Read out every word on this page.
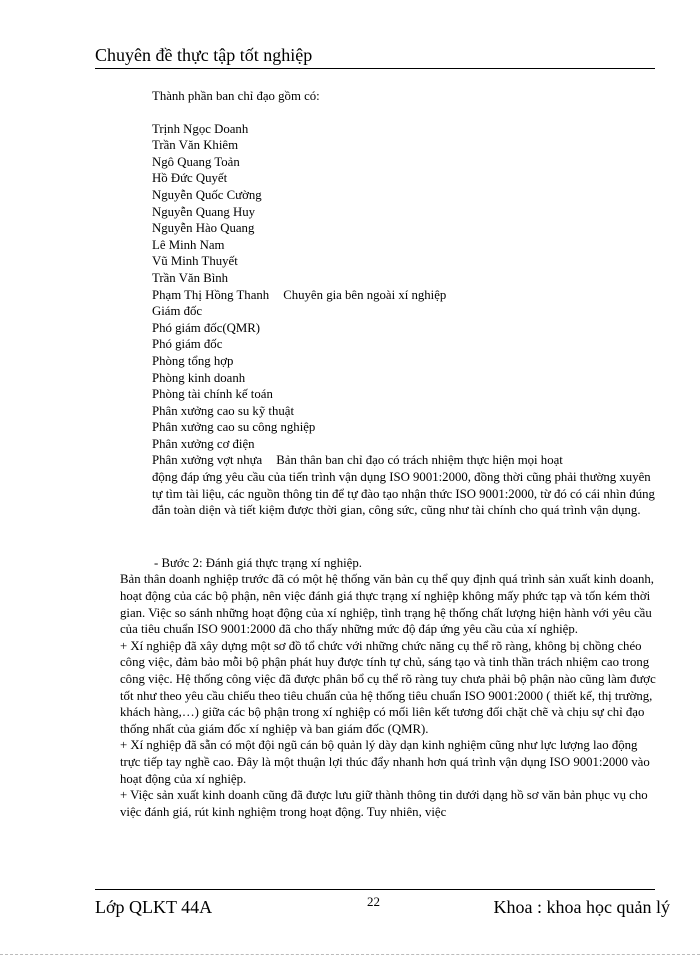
Chuyên đề thực tập tốt nghiệp
Thành phần ban chỉ đạo gồm có:
Trịnh Ngọc Doanh
Trần Văn Khiêm
Ngô Quang Toản
Hồ Đức Quyết
Nguyễn Quốc Cường
Nguyễn Quang Huy
Nguyễn Hào Quang
Lê Minh Nam
Vũ Minh Thuyết
Trần Văn Bình
Phạm Thị Hồng Thanh Chuyên gia bên ngoài xí nghiệp
Giám đốc
Phó giám đốc(QMR)
Phó giám đốc
Phòng tổng hợp
Phòng kinh doanh
Phòng tài chính kế toán
Phân xưởng cao su kỹ thuật
Phân xưởng cao su công nghiệp
Phân xưởng cơ điện
Phân xưởng vợt nhựa Bản thân ban chỉ đạo có trách nhiệm thực hiện mọi hoạt
động đáp ứng yêu cầu của tiến trình vận dụng ISO 9001:2000, đồng thời cũng phải thường xuyên tự tìm tài liệu, các nguồn thông tin để tự đào tạo nhận thức ISO 9001:2000, từ đó có cái nhìn đúng đắn toàn diện và tiết kiệm được thời gian, công sức, cũng như tài chính cho quá trình vận dụng.
- Bước 2: Đánh giá thực trạng xí nghiệp.
Bản thân doanh nghiệp trước đã có một hệ thống văn bản cụ thể quy định quá trình sản xuất kinh doanh, hoạt động của các bộ phận, nên việc đánh giá thực trạng xí nghiệp không mấy phức tạp và tốn kém thời gian. Việc so sánh những hoạt động của xí nghiệp, tình trạng hệ thống chất lượng hiện hành với yêu cầu của tiêu chuẩn ISO 9001:2000 đã cho thấy những mức độ đáp ứng yêu cầu của xí nghiệp.
+ Xí nghiệp đã xây dựng một sơ đồ tổ chức với những chức năng cụ thể rõ ràng, không bị chồng chéo công việc, đảm bảo mỗi bộ phận phát huy được tính tự chủ, sáng tạo và tinh thần trách nhiệm cao trong công việc. Hệ thống công việc đã được phân bổ cụ thể rõ ràng tuy chưa phải bộ phận nào cũng làm được tốt như theo yêu cầu chiếu theo tiêu chuẩn của hệ thống tiêu chuẩn ISO 9001:2000 ( thiết kế, thị trường, khách hàng,…) giữa các bộ phận trong xí nghiệp có mối liên kết tương đối chặt chẽ và chịu sự chỉ đạo thống nhất của giám đốc xí nghiệp và ban giám đốc (QMR).
+ Xí nghiệp đã sẵn có một đội ngũ cán bộ quản lý dày dạn kinh nghiệm cũng như lực lượng lao động trực tiếp tay nghề cao. Đây là một thuận lợi thúc đẩy nhanh hơn quá trình vận dụng ISO 9001:2000 vào hoạt động của xí nghiệp.
+ Việc sản xuất kinh doanh cũng đã được lưu giữ thành thông tin dưới dạng hồ sơ văn bản phục vụ cho việc đánh giá, rút kinh nghiệm trong hoạt động. Tuy nhiên, việc
Lớp QLKT 44A	22	Khoa : khoa học quản lý
